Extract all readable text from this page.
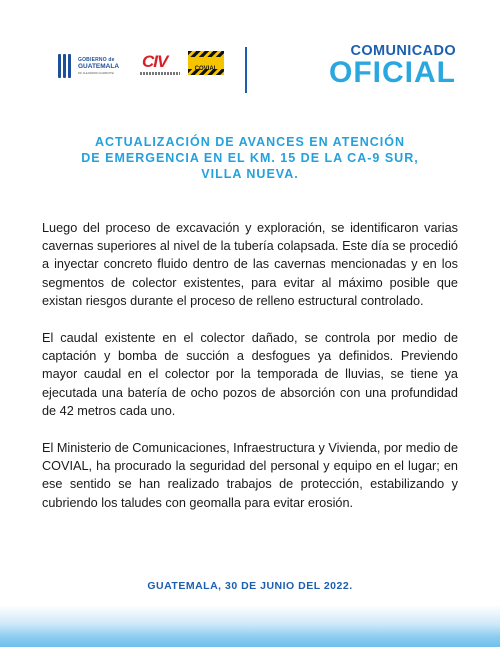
GOBIERNO de
GUATEMALA
DR. ALEJANDRO GIAMMATTEI
CIV	COVIAL
COMUNICADO
OFICIAL
ACTUALIZACIÓN DE AVANCES EN ATENCIÓN
DE EMERGENCIA EN EL KM. 15 DE LA CA-9 SUR,
VILLA NUEVA.

Luego del proceso de excavación y exploración, se identificaron varias cavernas superiores al nivel de la tubería colapsada. Este día se procedió a inyectar concreto fluido dentro de las cavernas mencionadas y en los segmentos de colector existentes, para evitar al máximo posible que existan riesgos durante el proceso de relleno estructural controlado.

El caudal existente en el colector dañado, se controla por medio de captación y bomba de succión a desfogues ya definidos. Previendo mayor caudal en el colector por la temporada de lluvias, se tiene ya ejecutada una batería de ocho pozos de absorción con una profundidad de 42 metros cada uno.

El Ministerio de Comunicaciones, Infraestructura y Vivienda, por medio de COVIAL, ha procurado la seguridad del personal y equipo en el lugar; en ese sentido se han realizado trabajos de protección, estabilizando y cubriendo los taludes con geomalla para evitar erosión.

GUATEMALA, 30 DE JUNIO DEL 2022.
